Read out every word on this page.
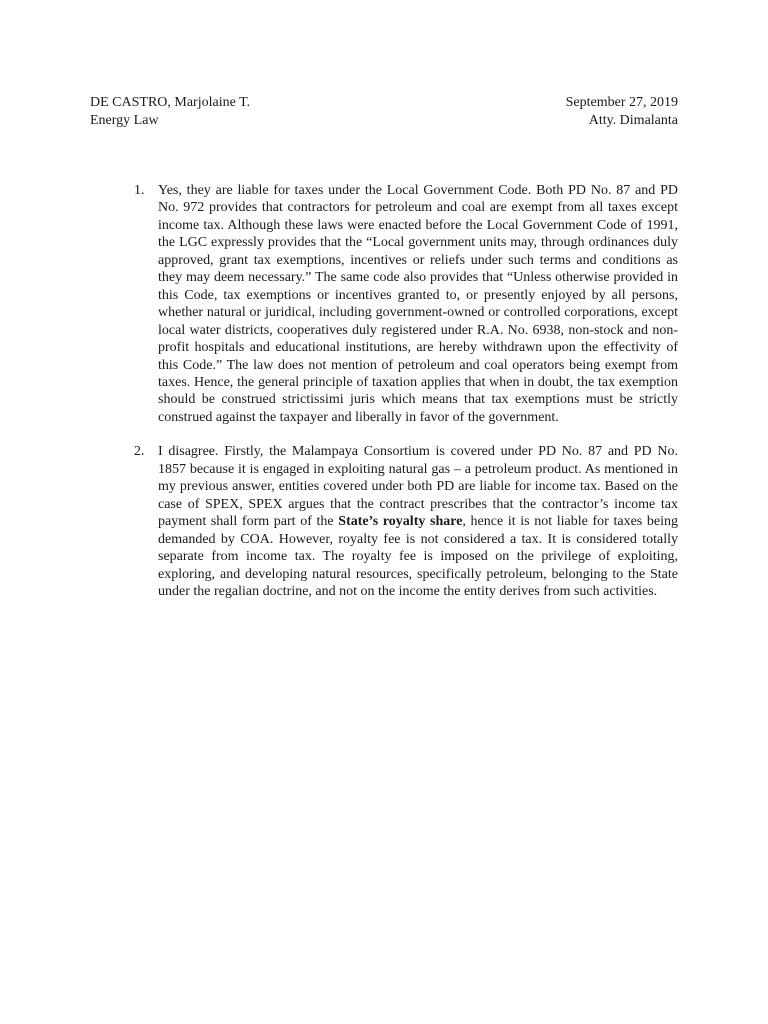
DE CASTRO, Marjolaine T.	September 27, 2019
Energy Law	Atty. Dimalanta
1. Yes, they are liable for taxes under the Local Government Code. Both PD No. 87 and PD No. 972 provides that contractors for petroleum and coal are exempt from all taxes except income tax. Although these laws were enacted before the Local Government Code of 1991, the LGC expressly provides that the “Local government units may, through ordinances duly approved, grant tax exemptions, incentives or reliefs under such terms and conditions as they may deem necessary.” The same code also provides that “Unless otherwise provided in this Code, tax exemptions or incentives granted to, or presently enjoyed by all persons, whether natural or juridical, including government-owned or controlled corporations, except local water districts, cooperatives duly registered under R.A. No. 6938, non-stock and non-profit hospitals and educational institutions, are hereby withdrawn upon the effectivity of this Code.” The law does not mention of petroleum and coal operators being exempt from taxes. Hence, the general principle of taxation applies that when in doubt, the tax exemption should be construed strictissimi juris which means that tax exemptions must be strictly construed against the taxpayer and liberally in favor of the government.
2. I disagree. Firstly, the Malampaya Consortium is covered under PD No. 87 and PD No. 1857 because it is engaged in exploiting natural gas – a petroleum product. As mentioned in my previous answer, entities covered under both PD are liable for income tax. Based on the case of SPEX, SPEX argues that the contract prescribes that the contractor’s income tax payment shall form part of the State’s royalty share, hence it is not liable for taxes being demanded by COA. However, royalty fee is not considered a tax. It is considered totally separate from income tax. The royalty fee is imposed on the privilege of exploiting, exploring, and developing natural resources, specifically petroleum, belonging to the State under the regalian doctrine, and not on the income the entity derives from such activities.
